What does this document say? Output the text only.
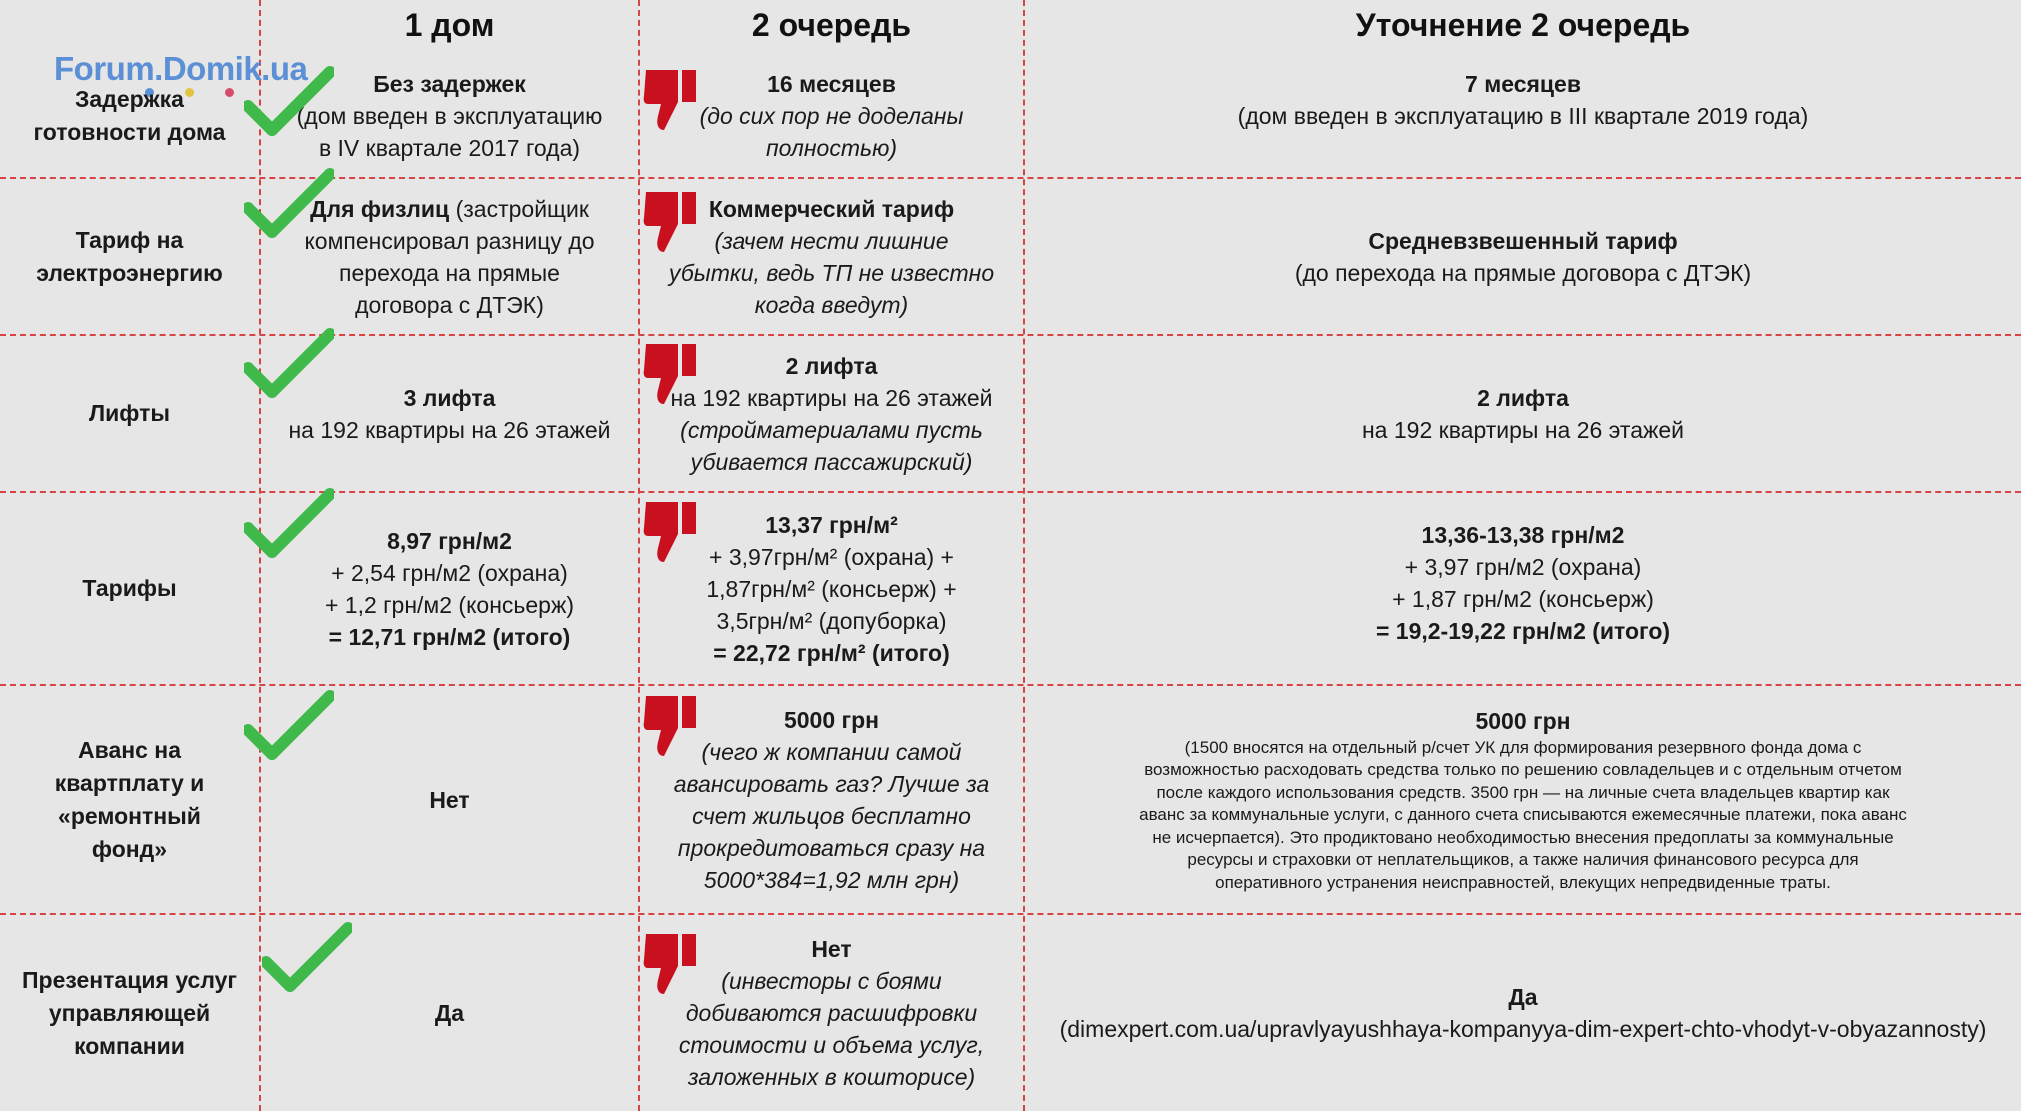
1 дом	2 очередь	Уточнение 2 очередь
Forum.Domik.ua
Задержка
готовности дома
Без задержек
(дом введен в эксплуатацию
в IV квартале 2017 года)
16 месяцев
(до сих пор не доделаны
полностью)
7 месяцев
(дом введен в эксплуатацию в III квартале 2019 года)
Тариф на
электроэнергию
Для физлиц (застройщик
компенсировал разницу до
перехода на прямые
договора с ДТЭК)
Коммерческий тариф
(зачем нести лишние
убытки, ведь ТП не известно
когда введут)
Средневзвешенный тариф
(до перехода на прямые договора с ДТЭК)
Лифты
3 лифта
на 192 квартиры на 26 этажей
2 лифта
на 192 квартиры на 26 этажей
(стройматериалами пусть
убивается пассажирский)
2 лифта
на 192 квартиры на 26 этажей
Тарифы
8,97 грн/м2
+ 2,54 грн/м2 (охрана)
+ 1,2 грн/м2 (консьерж)
= 12,71 грн/м2 (итого)
13,37 грн/м²
+ 3,97грн/м² (охрана) +
1,87грн/м² (консьерж) +
3,5грн/м² (допуборка)
= 22,72 грн/м² (итого)
13,36-13,38 грн/м2
+ 3,97 грн/м2 (охрана)
+ 1,87 грн/м2 (консьерж)
= 19,2-19,22 грн/м2 (итого)
Аванс на
квартплату и
«ремонтный
фонд»
Нет
5000 грн
(чего ж компании самой
авансировать газ? Лучше за
счет жильцов бесплатно
прокредитоваться сразу на
5000*384=1,92 млн грн)
5000 грн
(1500 вносятся на отдельный р/счет УК для формирования резервного фонда дома с
возможностью расходовать средства только по решению совладельцев и с отдельным отчетом
после каждого использования средств. 3500 грн — на личные счета владельцев квартир как
аванс за коммунальные услуги, с данного счета списываются ежемесячные платежи, пока аванс
не исчерпается). Это продиктовано необходимостью внесения предоплаты за коммунальные
ресурсы и страховки от неплательщиков, а также наличия финансового ресурса для
оперативного устранения неисправностей, влекущих непредвиденные траты.
Презентация услуг
управляющей
компании
Да
Нет
(инвесторы с боями
добиваются расшифровки
стоимости и объема услуг,
заложенных в кошторисе)
Да
(dimexpert.com.ua/upravlyayushhaya-kompanyya-dim-expert-chto-vhodyt-v-obyazannosty)
